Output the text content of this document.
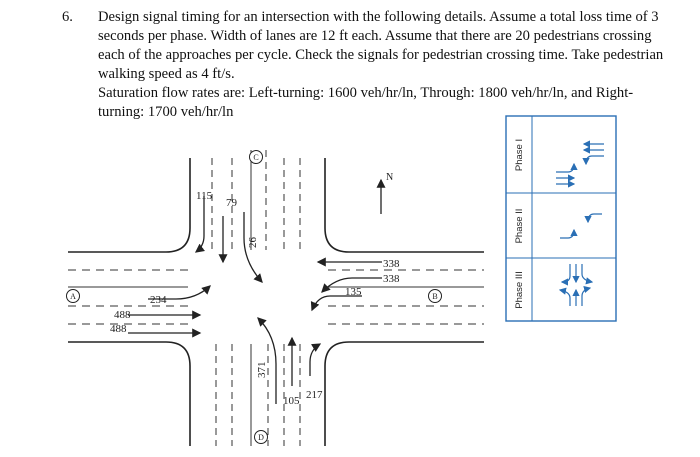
6. Design signal timing for an intersection with the following details. Assume a total loss time of 3 seconds per phase. Width of lanes are 12 ft each. Assume that there are 20 pedestrians crossing each of the approaches per cycle. Check the signals for pedestrian crossing time. Take pedestrian walking speed as 4 ft/s.
Saturation flow rates are: Left-turning: 1600 veh/hr/ln, Through: 1800 veh/hr/ln, and Right-turning: 1700 veh/hr/ln
C
B
A
D
N
115
79
26
338
338
135
234
488
488
371
105 217
Phase I
Phase II
Phase III
